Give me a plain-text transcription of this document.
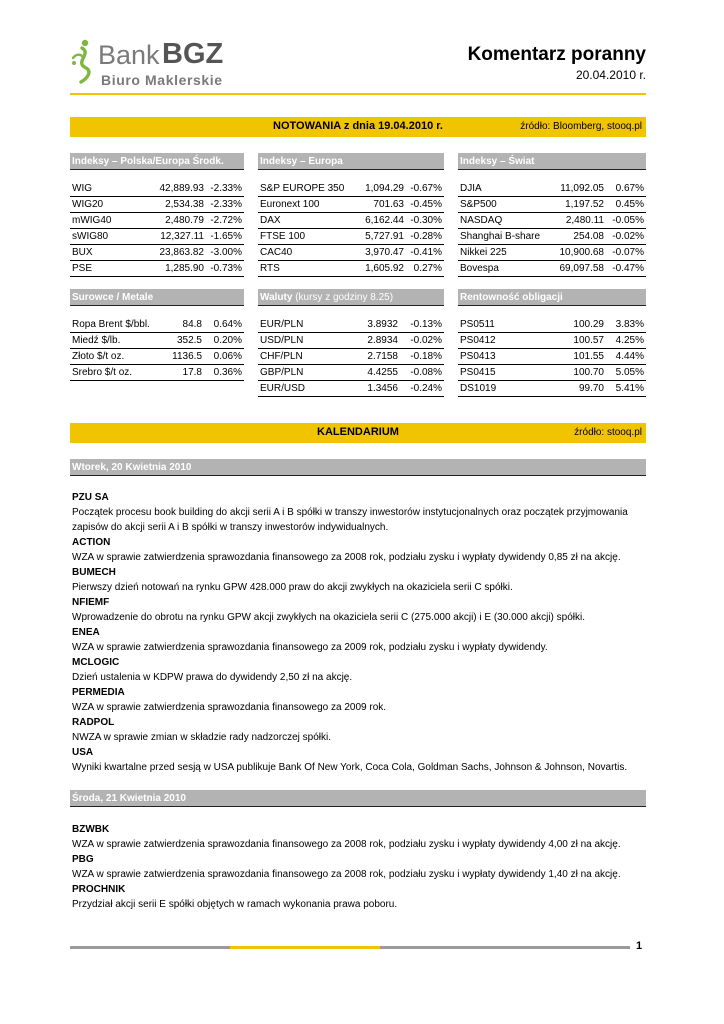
Bank BGZ
Biuro Maklerskie
Komentarz poranny
20.04.2010 r.
NOTOWANIA z dnia 19.04.2010 r.	źródło: Bloomberg, stooq.pl
Indeksy – Polska/Europa Środk.	Indeksy – Europa	Indeksy – Świat
WIG	42,889.93	-2.33%
WIG20	2,534.38	-2.33%
mWIG40	2,480.79	-2.72%
sWIG80	12,327.11	-1.65%
BUX	23,863.82	-3.00%
PSE	1,285.90	-0.73%
S&P EUROPE 350	1,094.29	-0.67%
Euronext 100	701.63	-0.45%
DAX	6,162.44	-0.30%
FTSE 100	5,727.91	-0.28%
CAC40	3,970.47	-0.41%
RTS	1,605.92	0.27%
DJIA	11,092.05	0.67%
S&P500	1,197.52	0.45%
NASDAQ	2,480.11	-0.05%
Shanghai B-share	254.08	-0.02%
Nikkei 225	10,900.68	-0.07%
Bovespa	69,097.58	-0.47%
Surowce / Metale	Waluty (kursy z godziny 8.25)	Rentowność obligacji
Ropa Brent $/bbl.	84.8	0.64%
Miedź $/lb.	352.5	0.20%
Złoto $/t oz.	1136.5	0.06%
Srebro $/t oz.	17.8	0.36%
EUR/PLN	3.8932	-0.13%
USD/PLN	2.8934	-0.02%
CHF/PLN	2.7158	-0.18%
GBP/PLN	4.4255	-0.08%
EUR/USD	1.3456	-0.24%
PS0511	100.29	3.83%
PS0412	100.57	4.25%
PS0413	101.55	4.44%
PS0415	100.70	5.05%
DS1019	99.70	5.41%
KALENDARIUM	źródło: stooq.pl
Wtorek, 20 Kwietnia 2010

PZU SA

Początek procesu book building do akcji serii A i B spółki w transzy inwestorów instytucjonalnych oraz początek przyjmowania zapisów do akcji serii A i B spółki w transzy inwestorów indywidualnych.

ACTION

WZA w sprawie zatwierdzenia sprawozdania finansowego za 2008 rok, podziału zysku i wypłaty dywidendy 0,85 zł na akcję.

BUMECH

Pierwszy dzień notowań na rynku GPW 428.000 praw do akcji zwykłych na okaziciela serii C spółki.

NFIEMF

Wprowadzenie do obrotu na rynku GPW akcji zwykłych na okaziciela serii C (275.000 akcji) i E (30.000 akcji) spółki.

ENEA

WZA w sprawie zatwierdzenia sprawozdania finansowego za 2009 rok, podziału zysku i wypłaty dywidendy.

MCLOGIC

Dzień ustalenia w KDPW prawa do dywidendy 2,50 zł na akcję.

PERMEDIA

WZA w sprawie zatwierdzenia sprawozdania finansowego za 2009 rok.

RADPOL

NWZA w sprawie zmian w składzie rady nadzorczej spółki.

USA

Wyniki kwartalne przed sesją w USA publikuje Bank Of New York, Coca Cola, Goldman Sachs, Johnson & Johnson, Novartis.

Środa, 21 Kwietnia 2010

BZWBK

WZA w sprawie zatwierdzenia sprawozdania finansowego za 2008 rok, podziału zysku i wypłaty dywidendy 4,00 zł na akcję.

PBG

WZA w sprawie zatwierdzenia sprawozdania finansowego za 2008 rok, podziału zysku i wypłaty dywidendy 1,40 zł na akcję.

PROCHNIK

Przydział akcji serii E spółki objętych w ramach wykonania prawa poboru.

1
